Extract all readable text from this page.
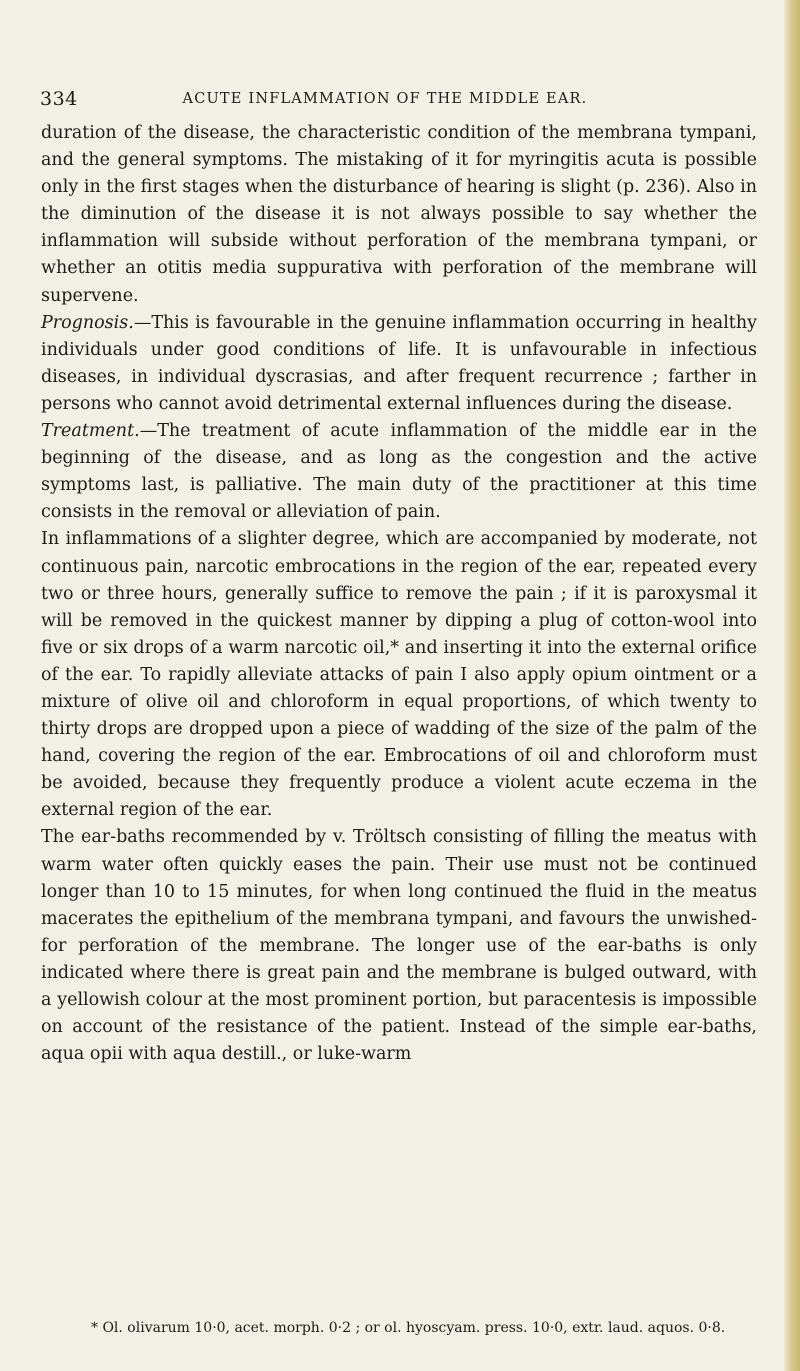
334	ACUTE INFLAMMATION OF THE MIDDLE EAR.

duration of the disease, the characteristic condition of the membrana tympani, and the general symptoms. The mistaking of it for myringitis acuta is possible only in the first stages when the disturbance of hearing is slight (p. 236). Also in the diminution of the disease it is not always possible to say whether the inflammation will subside without perforation of the membrana tympani, or whether an otitis media suppurativa with perforation of the membrane will supervene.

Prognosis.—This is favourable in the genuine inflammation occurring in healthy individuals under good conditions of life. It is unfavourable in infectious diseases, in individual dyscrasias, and after frequent recurrence ; farther in persons who cannot avoid detrimental external influences during the disease.

Treatment.—The treatment of acute inflammation of the middle ear in the beginning of the disease, and as long as the congestion and the active symptoms last, is palliative. The main duty of the practitioner at this time consists in the removal or alleviation of pain.

In inflammations of a slighter degree, which are accompanied by moderate, not continuous pain, narcotic embrocations in the region of the ear, repeated every two or three hours, generally suffice to remove the pain ; if it is paroxysmal it will be removed in the quickest manner by dipping a plug of cotton-wool into five or six drops of a warm narcotic oil,* and inserting it into the external orifice of the ear. To rapidly alleviate attacks of pain I also apply opium ointment or a mixture of olive oil and chloroform in equal proportions, of which twenty to thirty drops are dropped upon a piece of wadding of the size of the palm of the hand, covering the region of the ear. Embrocations of oil and chloroform must be avoided, because they frequently produce a violent acute eczema in the external region of the ear.

The ear-baths recommended by v. Tröltsch consisting of filling the meatus with warm water often quickly eases the pain. Their use must not be continued longer than 10 to 15 minutes, for when long continued the fluid in the meatus macerates the epithelium of the membrana tympani, and favours the unwished-for perforation of the membrane. The longer use of the ear-baths is only indicated where there is great pain and the membrane is bulged outward, with a yellowish colour at the most prominent portion, but paracentesis is impossible on account of the resistance of the patient. Instead of the simple ear-baths, aqua opii with aqua destill., or luke-warm

* Ol. olivarum 10·0, acet. morph. 0·2 ; or ol. hyoscyam. press. 10·0, extr. laud. aquos. 0·8.
